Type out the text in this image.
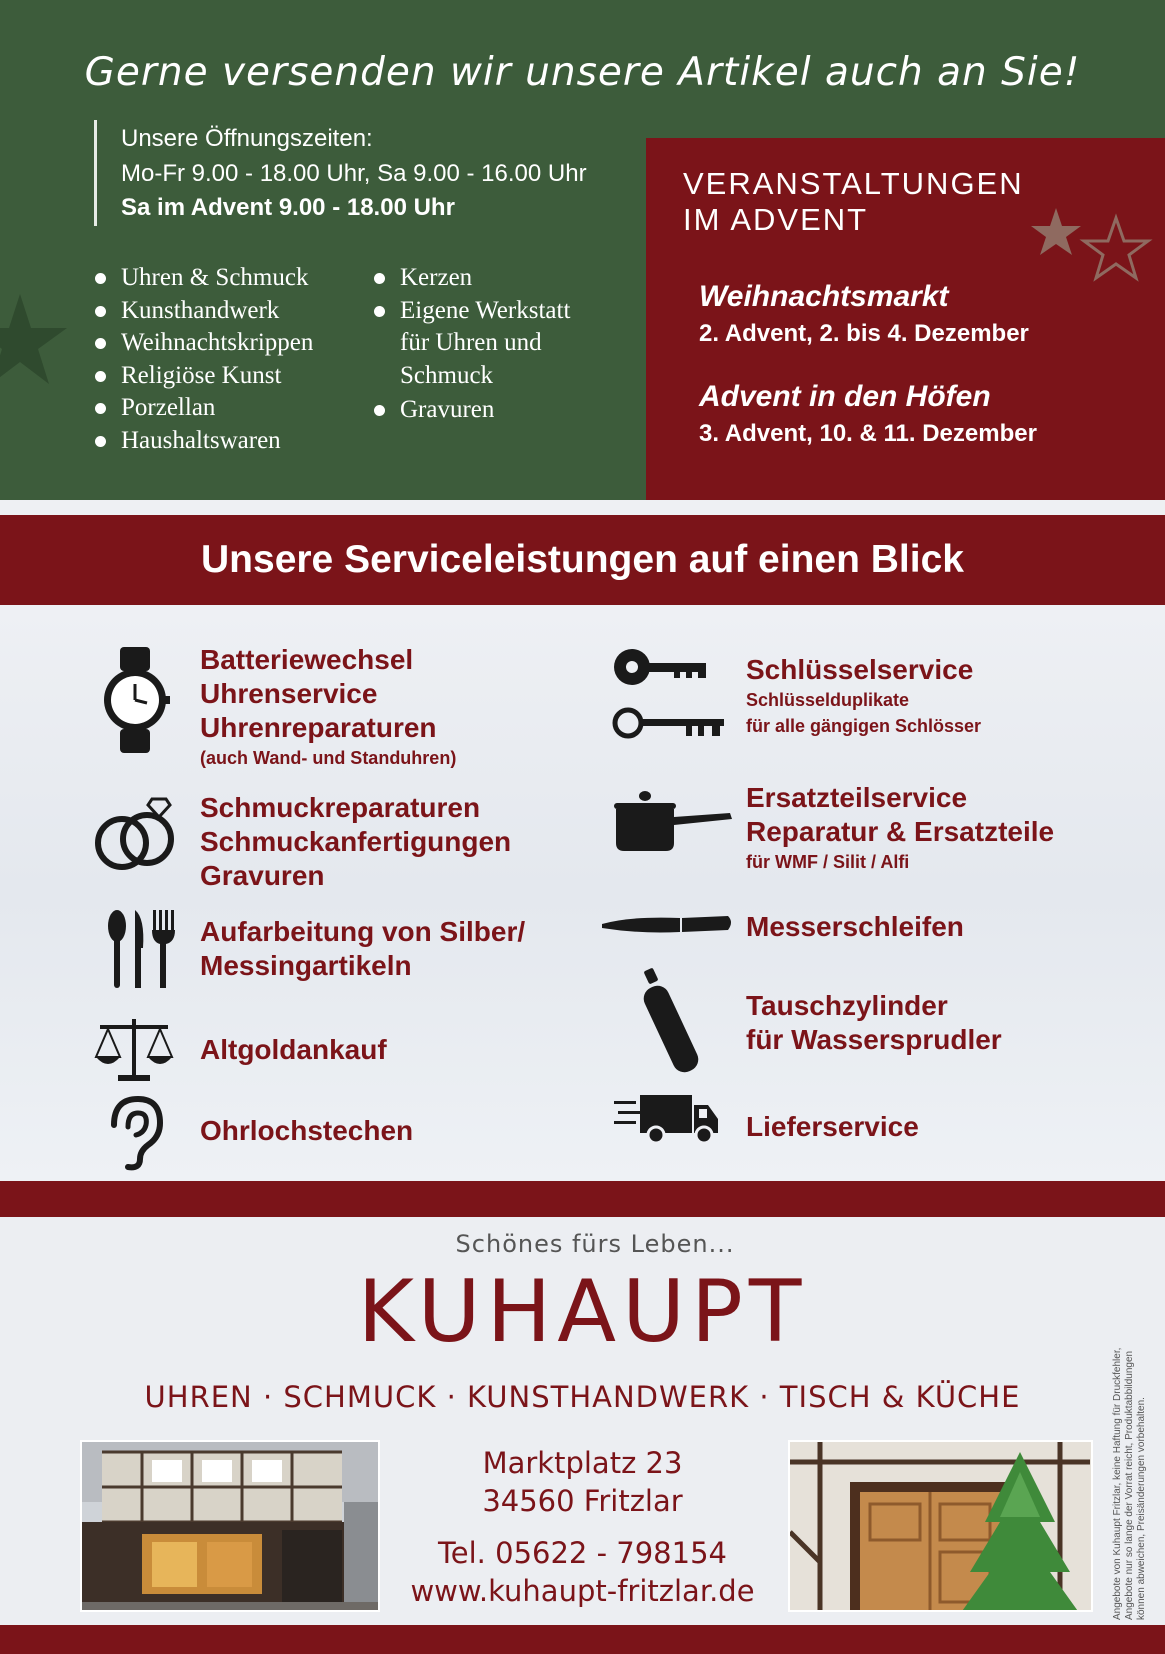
Gerne versenden wir unsere Artikel auch an Sie!
Unsere Öffnungszeiten:
Mo-Fr 9.00 - 18.00 Uhr, Sa 9.00 - 16.00 Uhr
Sa im Advent 9.00 - 18.00 Uhr
Uhren & Schmuck
Kunsthandwerk
Weihnachtskrippen
Religiöse Kunst
Porzellan
Haushaltswaren
Kerzen
Eigene Werkstatt für Uhren und Schmuck
Gravuren
VERANSTALTUNGEN
IM ADVENT
Weihnachtsmarkt
2. Advent, 2. bis 4. Dezember
Advent in den Höfen
3. Advent, 10. & 11. Dezember
Unsere Serviceleistungen auf einen Blick
Batteriewechsel
Uhrenservice
Uhrenreparaturen
(auch Wand- und Standuhren)
Schmuckreparaturen
Schmuckanfertigungen
Gravuren
Aufarbeitung von Silber/
Messingartikeln
Altgoldankauf
Ohrlochstechen
Schlüsselservice
Schlüsselduplikate
für alle gängigen Schlösser
Ersatzteilservice
Reparatur & Ersatzteile
für WMF / Silit / Alfi
Messerschleifen
Tauschzylinder
für Wassersprudler
Lieferservice
Schönes fürs Leben...
KUHAUPT
UHREN · SCHMUCK · KUNSTHANDWERK · TISCH & KÜCHE
Marktplatz 23
34560 Fritzlar
Tel. 05622 - 798154
www.kuhaupt-fritzlar.de	Angebote von Kuhaupt Fritzlar, keine Haftung für Druckfehler, Angebote nur so lange der Vorrat reicht, Produktabbildungen können abweichen, Preisänderungen vorbehalten.
